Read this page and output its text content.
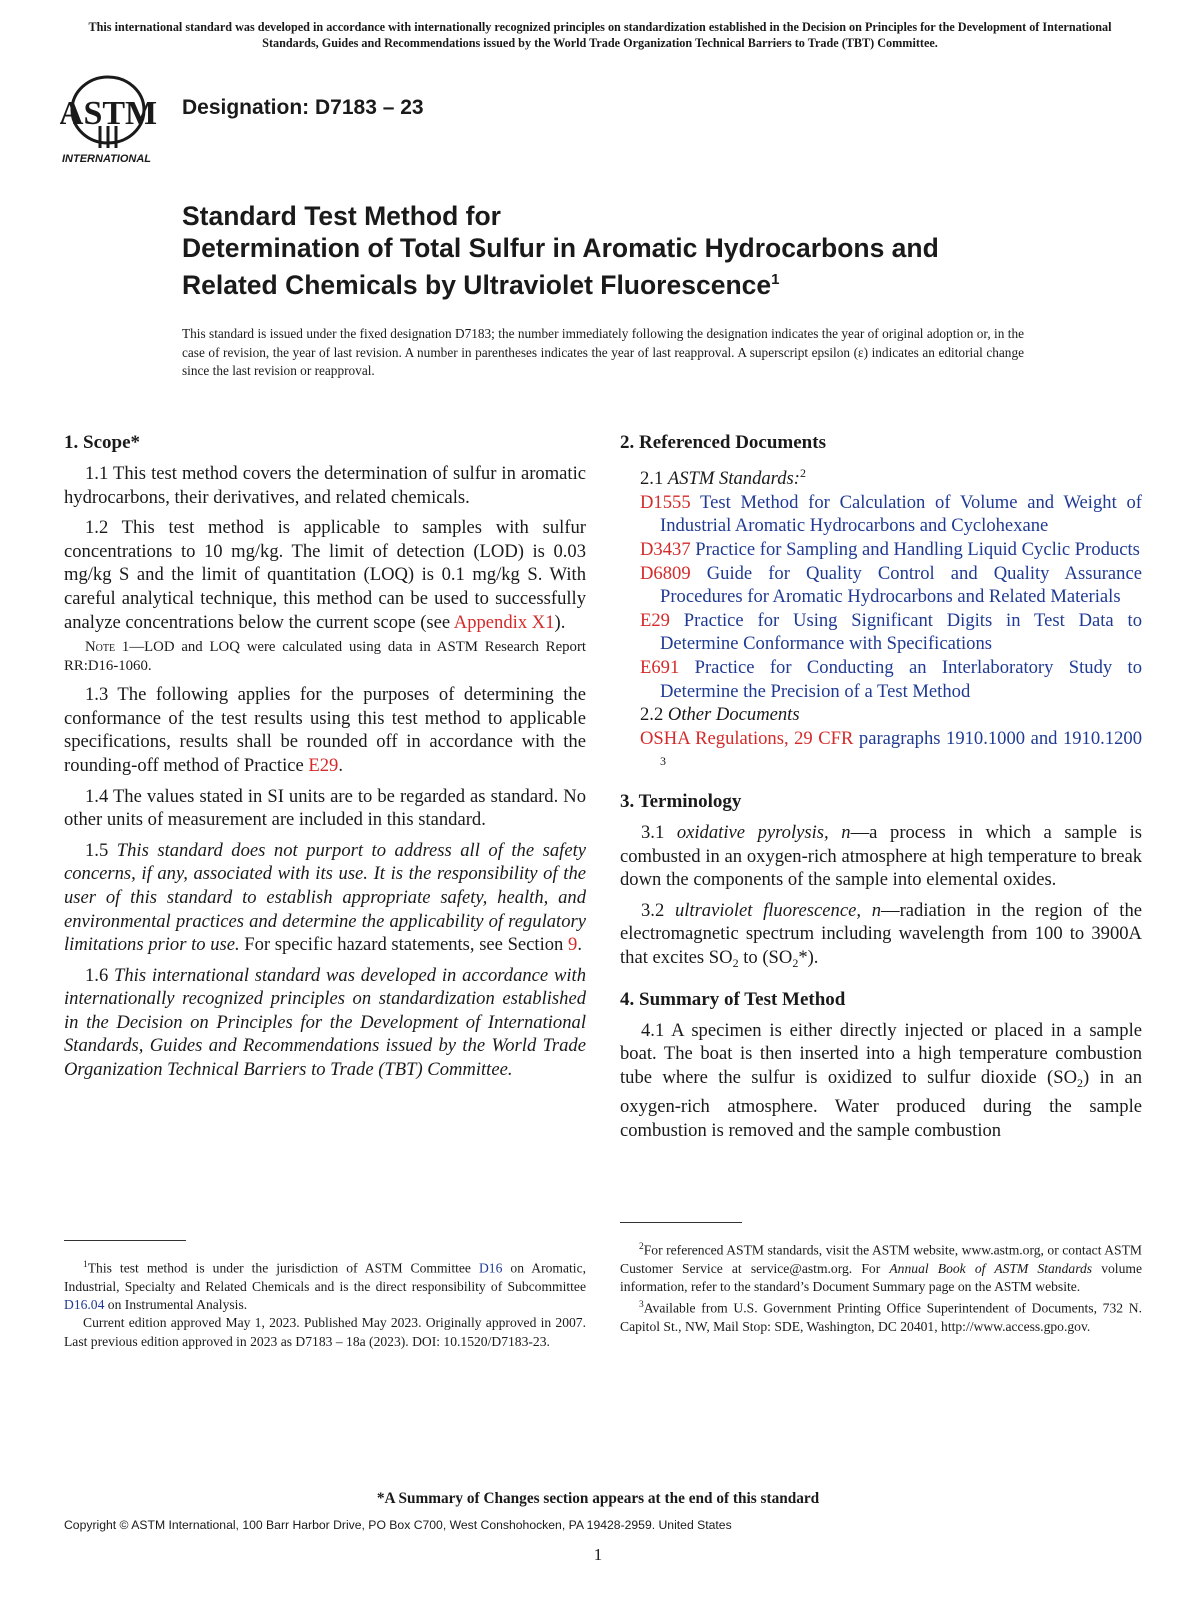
This international standard was developed in accordance with internationally recognized principles on standardization established in the Decision on Principles for the Development of International Standards, Guides and Recommendations issued by the World Trade Organization Technical Barriers to Trade (TBT) Committee.
ASTM
INTERNATIONAL
Designation: D7183 – 23
Standard Test Method for
Determination of Total Sulfur in Aromatic Hydrocarbons and
Related Chemicals by Ultraviolet Fluorescence$^1$
This standard is issued under the fixed designation D7183; the number immediately following the designation indicates the year of original adoption or, in the case of revision, the year of last revision. A number in parentheses indicates the year of last reapproval. A superscript epsilon (ε) indicates an editorial change since the last revision or reapproval.
1. Scope*

1.1 This test method covers the determination of sulfur in aromatic hydrocarbons, their derivatives, and related chemicals.

1.2 This test method is applicable to samples with sulfur concentrations to 10 mg/kg. The limit of detection (LOD) is 0.03 mg/kg S and the limit of quantitation (LOQ) is 0.1 mg/kg S. With careful analytical technique, this method can be used to successfully analyze concentrations below the current scope (see Appendix X1).

Note 1—LOD and LOQ were calculated using data in ASTM Research Report RR:D16-1060.

1.3 The following applies for the purposes of determining the conformance of the test results using this test method to applicable specifications, results shall be rounded off in accordance with the rounding-off method of Practice E29.

1.4 The values stated in SI units are to be regarded as standard. No other units of measurement are included in this standard.

1.5 This standard does not purport to address all of the safety concerns, if any, associated with its use. It is the responsibility of the user of this standard to establish appropriate safety, health, and environmental practices and determine the applicability of regulatory limitations prior to use. For specific hazard statements, see Section 9.

1.6 This international standard was developed in accordance with internationally recognized principles on standardization established in the Decision on Principles for the Development of International Standards, Guides and Recommendations issued by the World Trade Organization Technical Barriers to Trade (TBT) Committee.

2. Referenced Documents

2.1 ASTM Standards:$^2$

D1555 Test Method for Calculation of Volume and Weight of Industrial Aromatic Hydrocarbons and Cyclohexane

D3437 Practice for Sampling and Handling Liquid Cyclic Products

D6809 Guide for Quality Control and Quality Assurance Procedures for Aromatic Hydrocarbons and Related Materials

E29 Practice for Using Significant Digits in Test Data to Determine Conformance with Specifications

E691 Practice for Conducting an Interlaboratory Study to Determine the Precision of a Test Method

2.2 Other Documents

OSHA Regulations, 29 CFR paragraphs 1910.1000 and 1910.1200 $^3$

3. Terminology

3.1 oxidative pyrolysis, n—a process in which a sample is combusted in an oxygen-rich atmosphere at high temperature to break down the components of the sample into elemental oxides.

3.2 ultraviolet fluorescence, n—radiation in the region of the electromagnetic spectrum including wavelength from 100 to 3900A that excites $SO_2$ to $(SO_2*)$.

4. Summary of Test Method

4.1 A specimen is either directly injected or placed in a sample boat. The boat is then inserted into a high temperature combustion tube where the sulfur is oxidized to sulfur dioxide $(SO_2)$ in an oxygen-rich atmosphere. Water produced during the sample combustion is removed and the sample combustion

$^1$This test method is under the jurisdiction of ASTM Committee D16 on Aromatic, Industrial, Specialty and Related Chemicals and is the direct responsibility of Subcommittee D16.04 on Instrumental Analysis.

Current edition approved May 1, 2023. Published May 2023. Originally approved in 2007. Last previous edition approved in 2023 as D7183 – 18a (2023). DOI: 10.1520/D7183-23.

$^2$For referenced ASTM standards, visit the ASTM website, www.astm.org, or contact ASTM Customer Service at service@astm.org. For Annual Book of ASTM Standards volume information, refer to the standard’s Document Summary page on the ASTM website.

$^3$Available from U.S. Government Printing Office Superintendent of Documents, 732 N. Capitol St., NW, Mail Stop: SDE, Washington, DC 20401, http://www.access.gpo.gov.

*A Summary of Changes section appears at the end of this standard
Copyright © ASTM International, 100 Barr Harbor Drive, PO Box C700, West Conshohocken, PA 19428-2959. United States
1
